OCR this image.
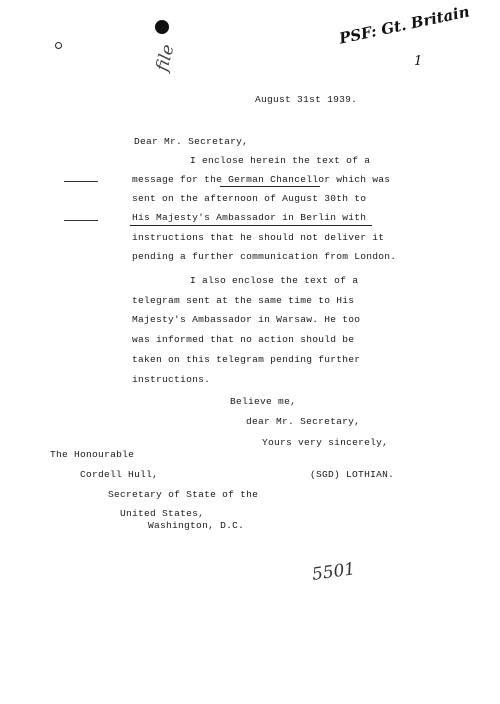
file
PSF: Gt. Britain
1
August 31st 1939.
Dear Mr. Secretary,
I enclose herein the text of a
message for the German Chancellor which was
sent on the afternoon of August 30th to
His Majesty's Ambassador in Berlin with
instructions that he should not deliver it
pending a further communication from London.
I also enclose the text of a
telegram sent at the same time to His
Majesty's Ambassador in Warsaw. He too
was informed that no action should be
taken on this telegram pending further
instructions.
Believe me,
dear Mr. Secretary,
Yours very sincerely,
The Honourable
Cordell Hull,	(SGD) LOTHIAN.
Secretary of State of the
United States,
Washington, D.C.
5501
